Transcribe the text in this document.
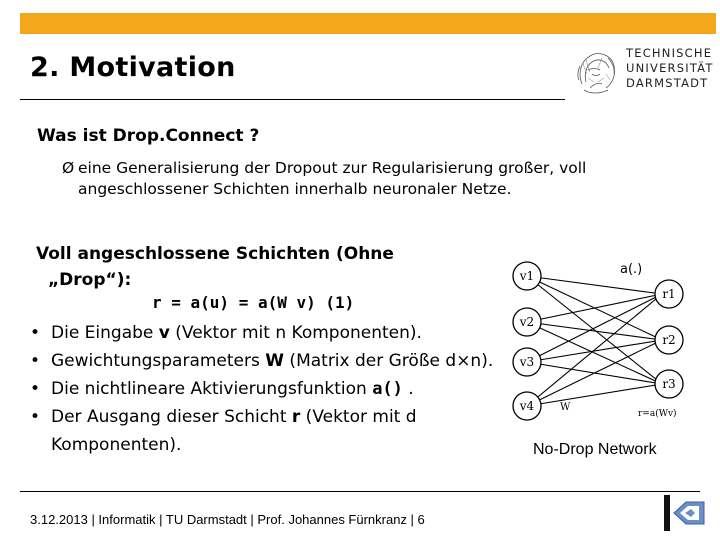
2. Motivation	TECHNISCHE
UNIVERSITÄT
DARMSTADT
Was ist Drop.Connect ?
Ø eine Generalisierung der Dropout zur Regularisierung großer, voll angeschlossener Schichten innerhalb neuronaler Netze.
Voll angeschlossene Schichten (Ohne
„Drop“):
r = a(u) = a(W v) (1)
• Die Eingabe v (Vektor mit n Komponenten).
• Gewichtungsparameters W (Matrix der Größe d×n).
• Die nichtlineare Aktivierungsfunktion a() .
• Der Ausgang dieser Schicht r (Vektor mit d Komponenten).
v1
v2
v3
v4
r1
r2
r3
a(.)
W
r=a(Wv)
No-Drop Network
3.12.2013 | Informatik | TU Darmstadt | Prof. Johannes Fürnkranz | 6
